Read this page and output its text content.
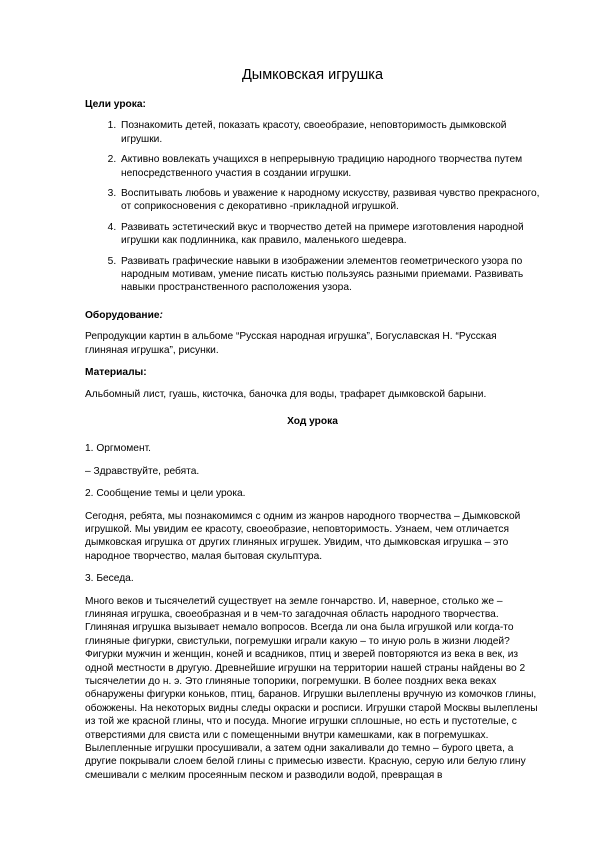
Дымковская игрушка
Цели урока:
1. Познакомить детей, показать красоту, своеобразие, неповторимость дымковской игрушки.
2. Активно вовлекать учащихся в непрерывную традицию народного творчества путем непосредственного участия в создании игрушки.
3. Воспитывать любовь и уважение к народному искусству, развивая чувство прекрасного, от соприкосновения с декоративно -прикладной игрушкой.
4. Развивать эстетический вкус и творчество детей на примере изготовления народной игрушки как подлинника, как правило, маленького шедевра.
5. Развивать графические навыки в изображении элементов геометрического узора по народным мотивам, умение писать кистью пользуясь разными приемами. Развивать навыки пространственного расположения узора.
Оборудование:

Репродукции картин в альбоме “Русская народная игрушка”, Богуславская Н. “Русская глиняная игрушка”, рисунки.

Материалы:

Альбомный лист, гуашь, кисточка, баночка для воды, трафарет дымковской барыни.

Ход урока

1. Оргмомент.

– Здравствуйте, ребята.

2. Сообщение темы и цели урока.

Сегодня, ребята, мы познакомимся с одним из жанров народного творчества – Дымковской игрушкой. Мы увидим ее красоту, своеобразие, неповторимость. Узнаем, чем отличается дымковская игрушка от других глиняных игрушек. Увидим, что дымковская игрушка – это народное творчество, малая бытовая скульптура.

3. Беседа.

Много веков и тысячелетий существует на земле гончарство. И, наверное, столько же – глиняная игрушка, своеобразная и в чем-то загадочная область народного творчества. Глиняная игрушка вызывает немало вопросов. Всегда ли она была игрушкой или когда-то глиняные фигурки, свистульки, погремушки играли какую – то иную роль в жизни людей? Фигурки мужчин и женщин, коней и всадников, птиц и зверей повторяются из века в век, из одной местности в другую. Древнейшие игрушки на территории нашей страны найдены во 2 тысячелетии до н. э. Это глиняные топорики, погремушки. В более поздних века веках обнаружены фигурки коньков, птиц, баранов. Игрушки вылеплены вручную из комочков глины, обожжены. На некоторых видны следы окраски и росписи. Игрушки старой Москвы вылеплены из той же красной глины, что и посуда. Многие игрушки сплошные, но есть и пустотелые, с отверстиями для свиста или с помещенными внутри камешками, как в погремушках. Вылепленные игрушки просушивали, а затем одни закаливали до темно – бурого цвета, а другие покрывали слоем белой глины с примесью извести. Красную, серую или белую глину смешивали с мелким просеянным песком и разводили водой, превращая в
